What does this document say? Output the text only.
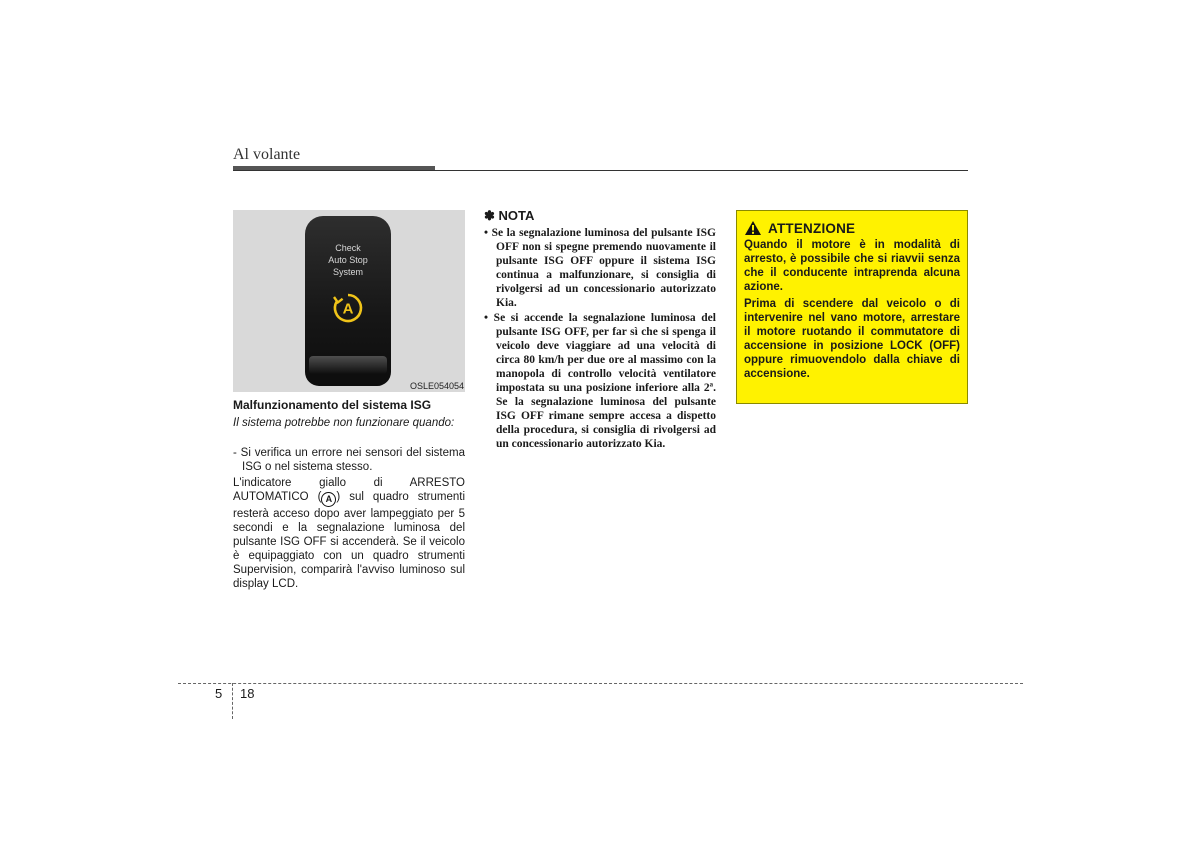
Al volante
Check
Auto Stop
System
A
OSLE054054
Malfunzionamento del sistema ISG
Il sistema potrebbe non funzionare quando:
- Si verifica un errore nei sensori del sistema ISG o nel sistema stesso.
L'indicatore giallo di ARRESTO AUTOMATICO ( A ) sul quadro strumenti resterà acceso dopo aver lampeggiato per 5 secondi e la segnalazione luminosa del pulsante ISG OFF si accenderà. Se il veicolo è equipaggiato con un quadro strumenti Supervision, comparirà l'avviso luminoso sul display LCD.
✽ NOTA
• Se la segnalazione luminosa del pulsante ISG OFF non si spegne premendo nuovamente il pulsante ISG OFF oppure il sistema ISG continua a malfunzionare, si consiglia di rivolgersi ad un concessionario autorizzato Kia.
• Se si accende la segnalazione luminosa del pulsante ISG OFF, per far sì che si spenga il veicolo deve viaggiare ad una velocità di circa 80 km/h per due ore al massimo con la manopola di controllo velocità ventilatore impostata su una posizione inferiore alla 2ª. Se la segnalazione luminosa del pulsante ISG OFF rimane sempre accesa a dispetto della procedura, si consiglia di rivolgersi ad un concessionario autorizzato Kia.
ATTENZIONE

Quando il motore è in modalità di arresto, è possibile che si riavvii senza che il conducente intraprenda alcuna azione.

Prima di scendere dal veicolo o di intervenire nel vano motore, arrestare il motore ruotando il commutatore di accensione in posizione LOCK (OFF) oppure rimuovendolo dalla chiave di accensione.

5 18
